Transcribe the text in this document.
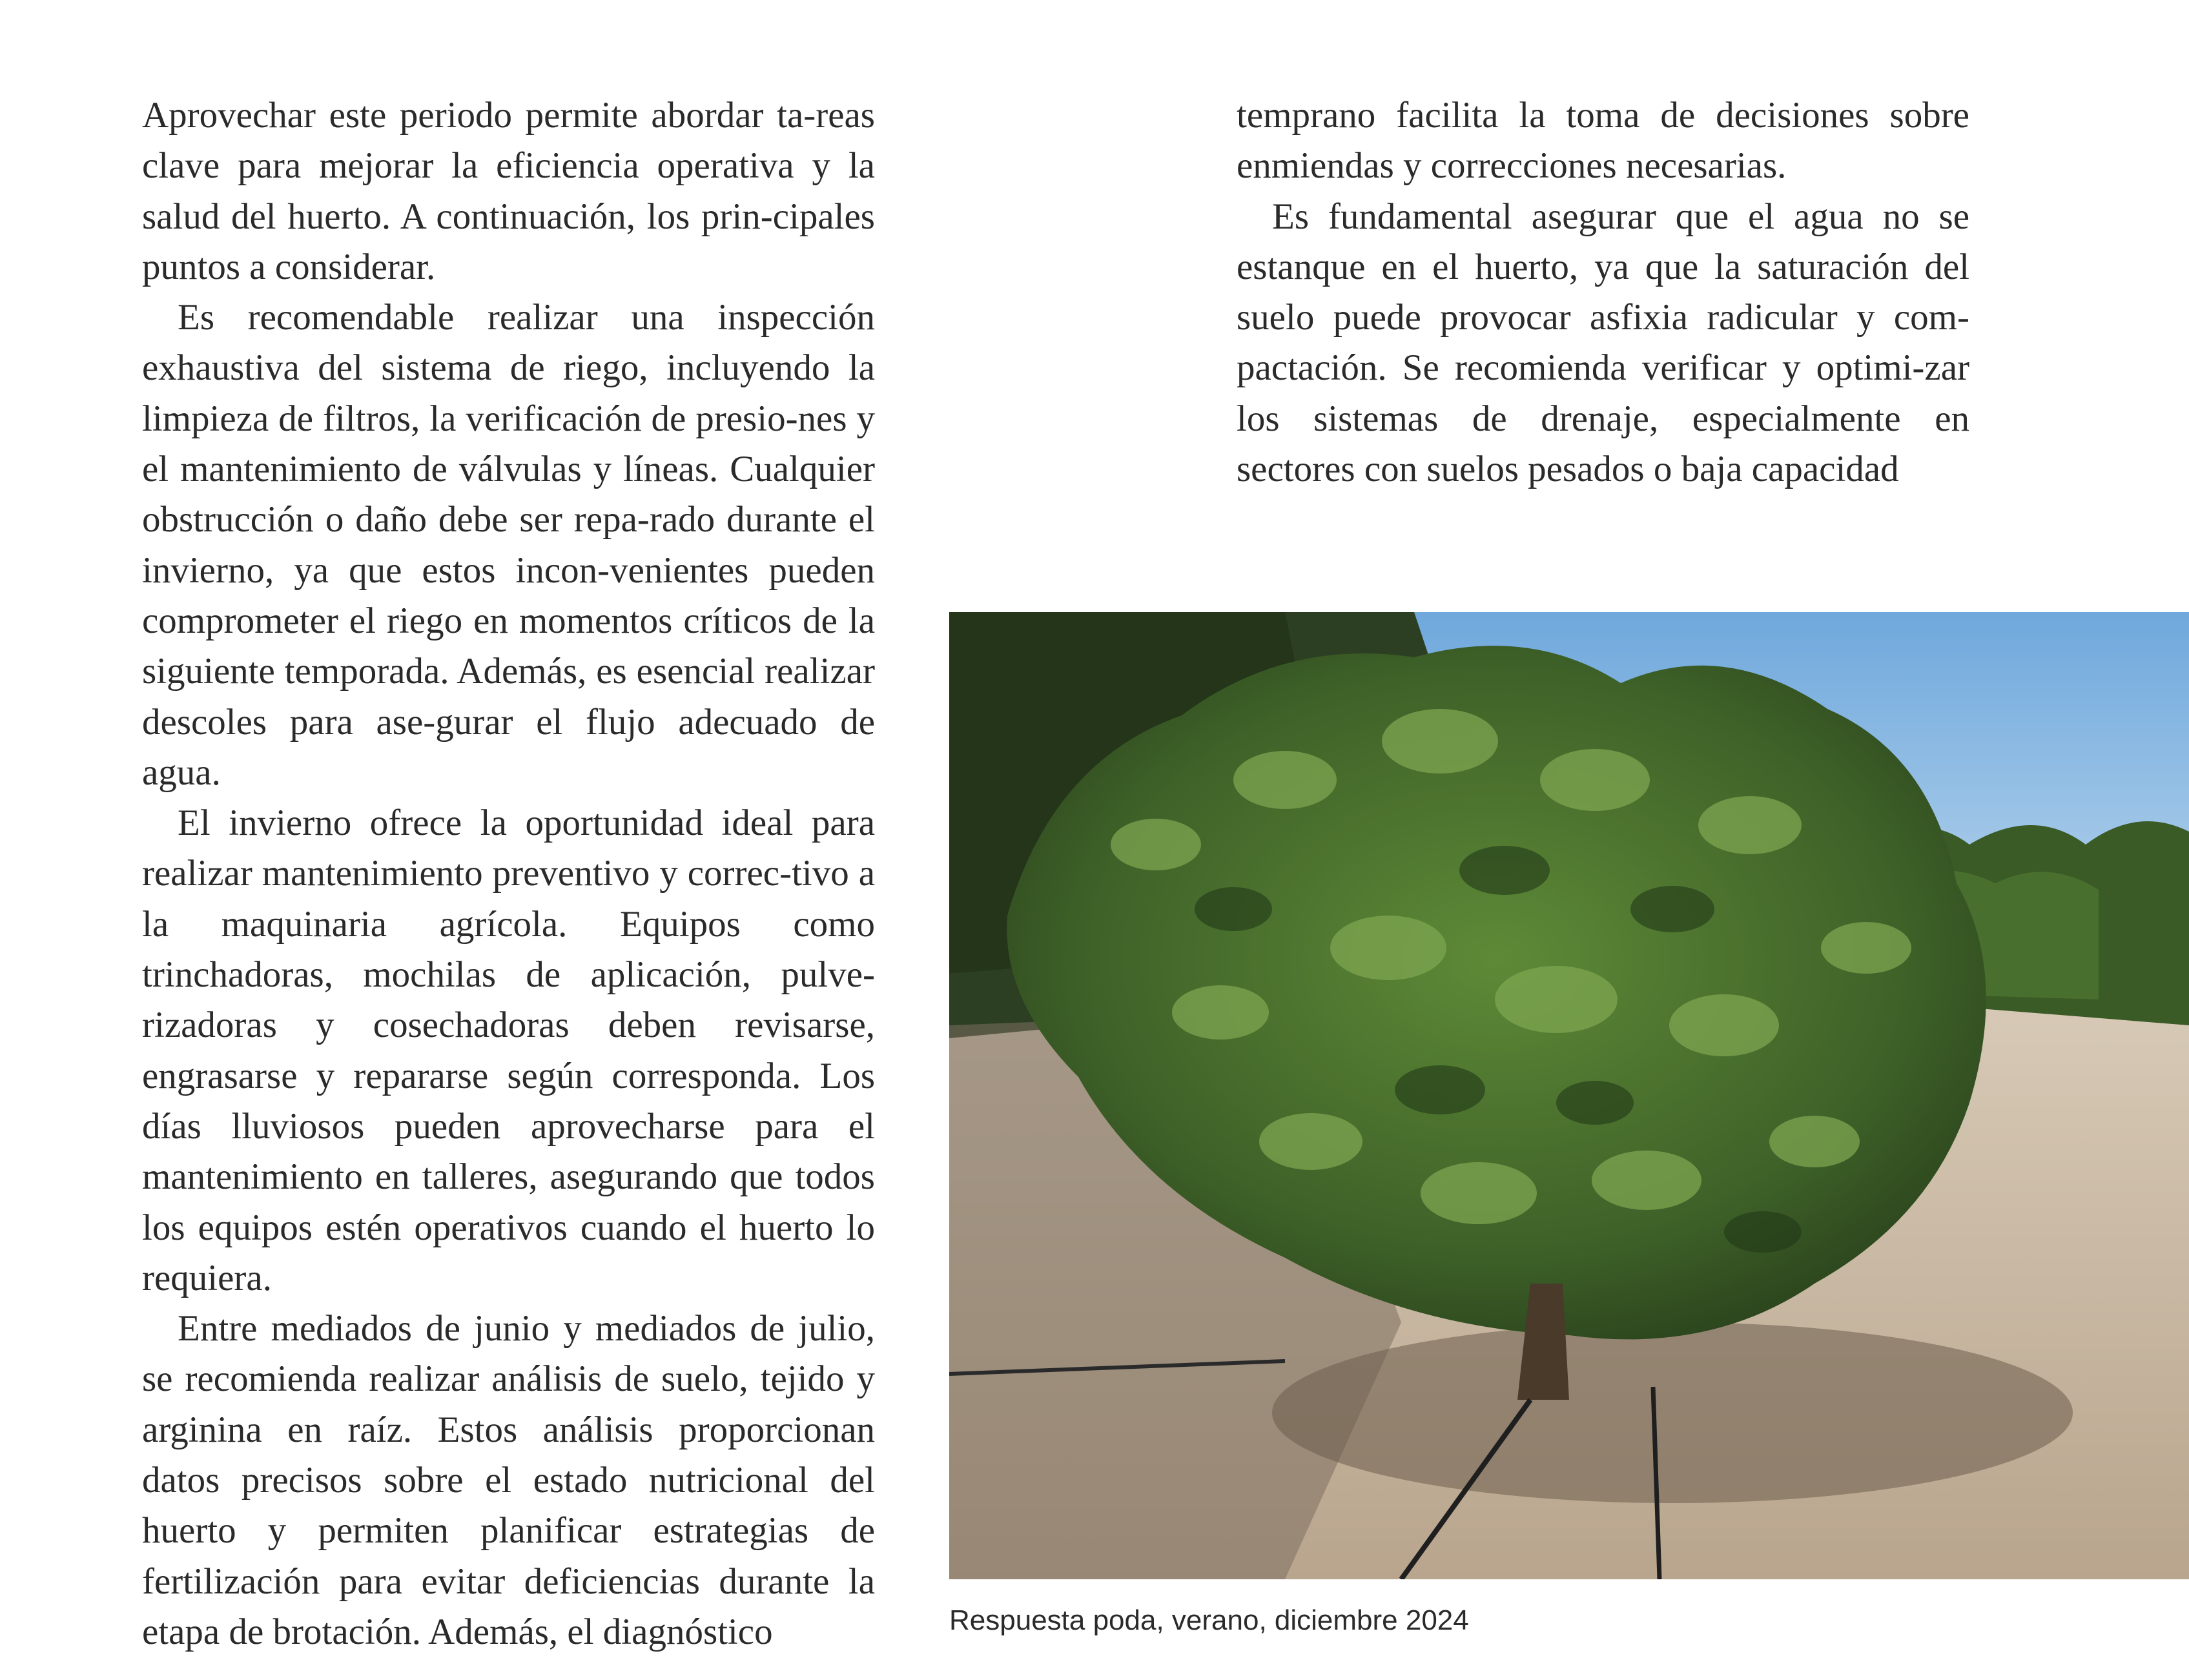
Aprovechar este periodo permite abordar ta-reas clave para mejorar la eficiencia operativa y la salud del huerto. A continuación, los prin-cipales puntos a considerar.

Es recomendable realizar una inspección exhaustiva del sistema de riego, incluyendo la limpieza de filtros, la verificación de presio-nes y el mantenimiento de válvulas y líneas. Cualquier obstrucción o daño debe ser repa-rado durante el invierno, ya que estos incon-venientes pueden comprometer el riego en momentos críticos de la siguiente temporada. Además, es esencial realizar descoles para ase-gurar el flujo adecuado de agua.

El invierno ofrece la oportunidad ideal para realizar mantenimiento preventivo y correc-tivo a la maquinaria agrícola. Equipos como trinchadoras, mochilas de aplicación, pulve-rizadoras y cosechadoras deben revisarse, engrasarse y repararse según corresponda. Los días lluviosos pueden aprovecharse para el mantenimiento en talleres, asegurando que todos los equipos estén operativos cuando el huerto lo requiera.

Entre mediados de junio y mediados de julio, se recomienda realizar análisis de suelo, tejido y arginina en raíz. Estos análisis proporcionan datos precisos sobre el estado nutricional del huerto y permiten planificar estrategias de fertilización para evitar deficiencias durante la etapa de brotación. Además, el diagnóstico

temprano facilita la toma de decisiones sobre enmiendas y correcciones necesarias.

Es fundamental asegurar que el agua no se estanque en el huerto, ya que la saturación del suelo puede provocar asfixia radicular y com-pactación. Se recomienda verificar y optimi-zar los sistemas de drenaje, especialmente en sectores con suelos pesados o baja capacidad

Respuesta poda, verano, diciembre 2024
